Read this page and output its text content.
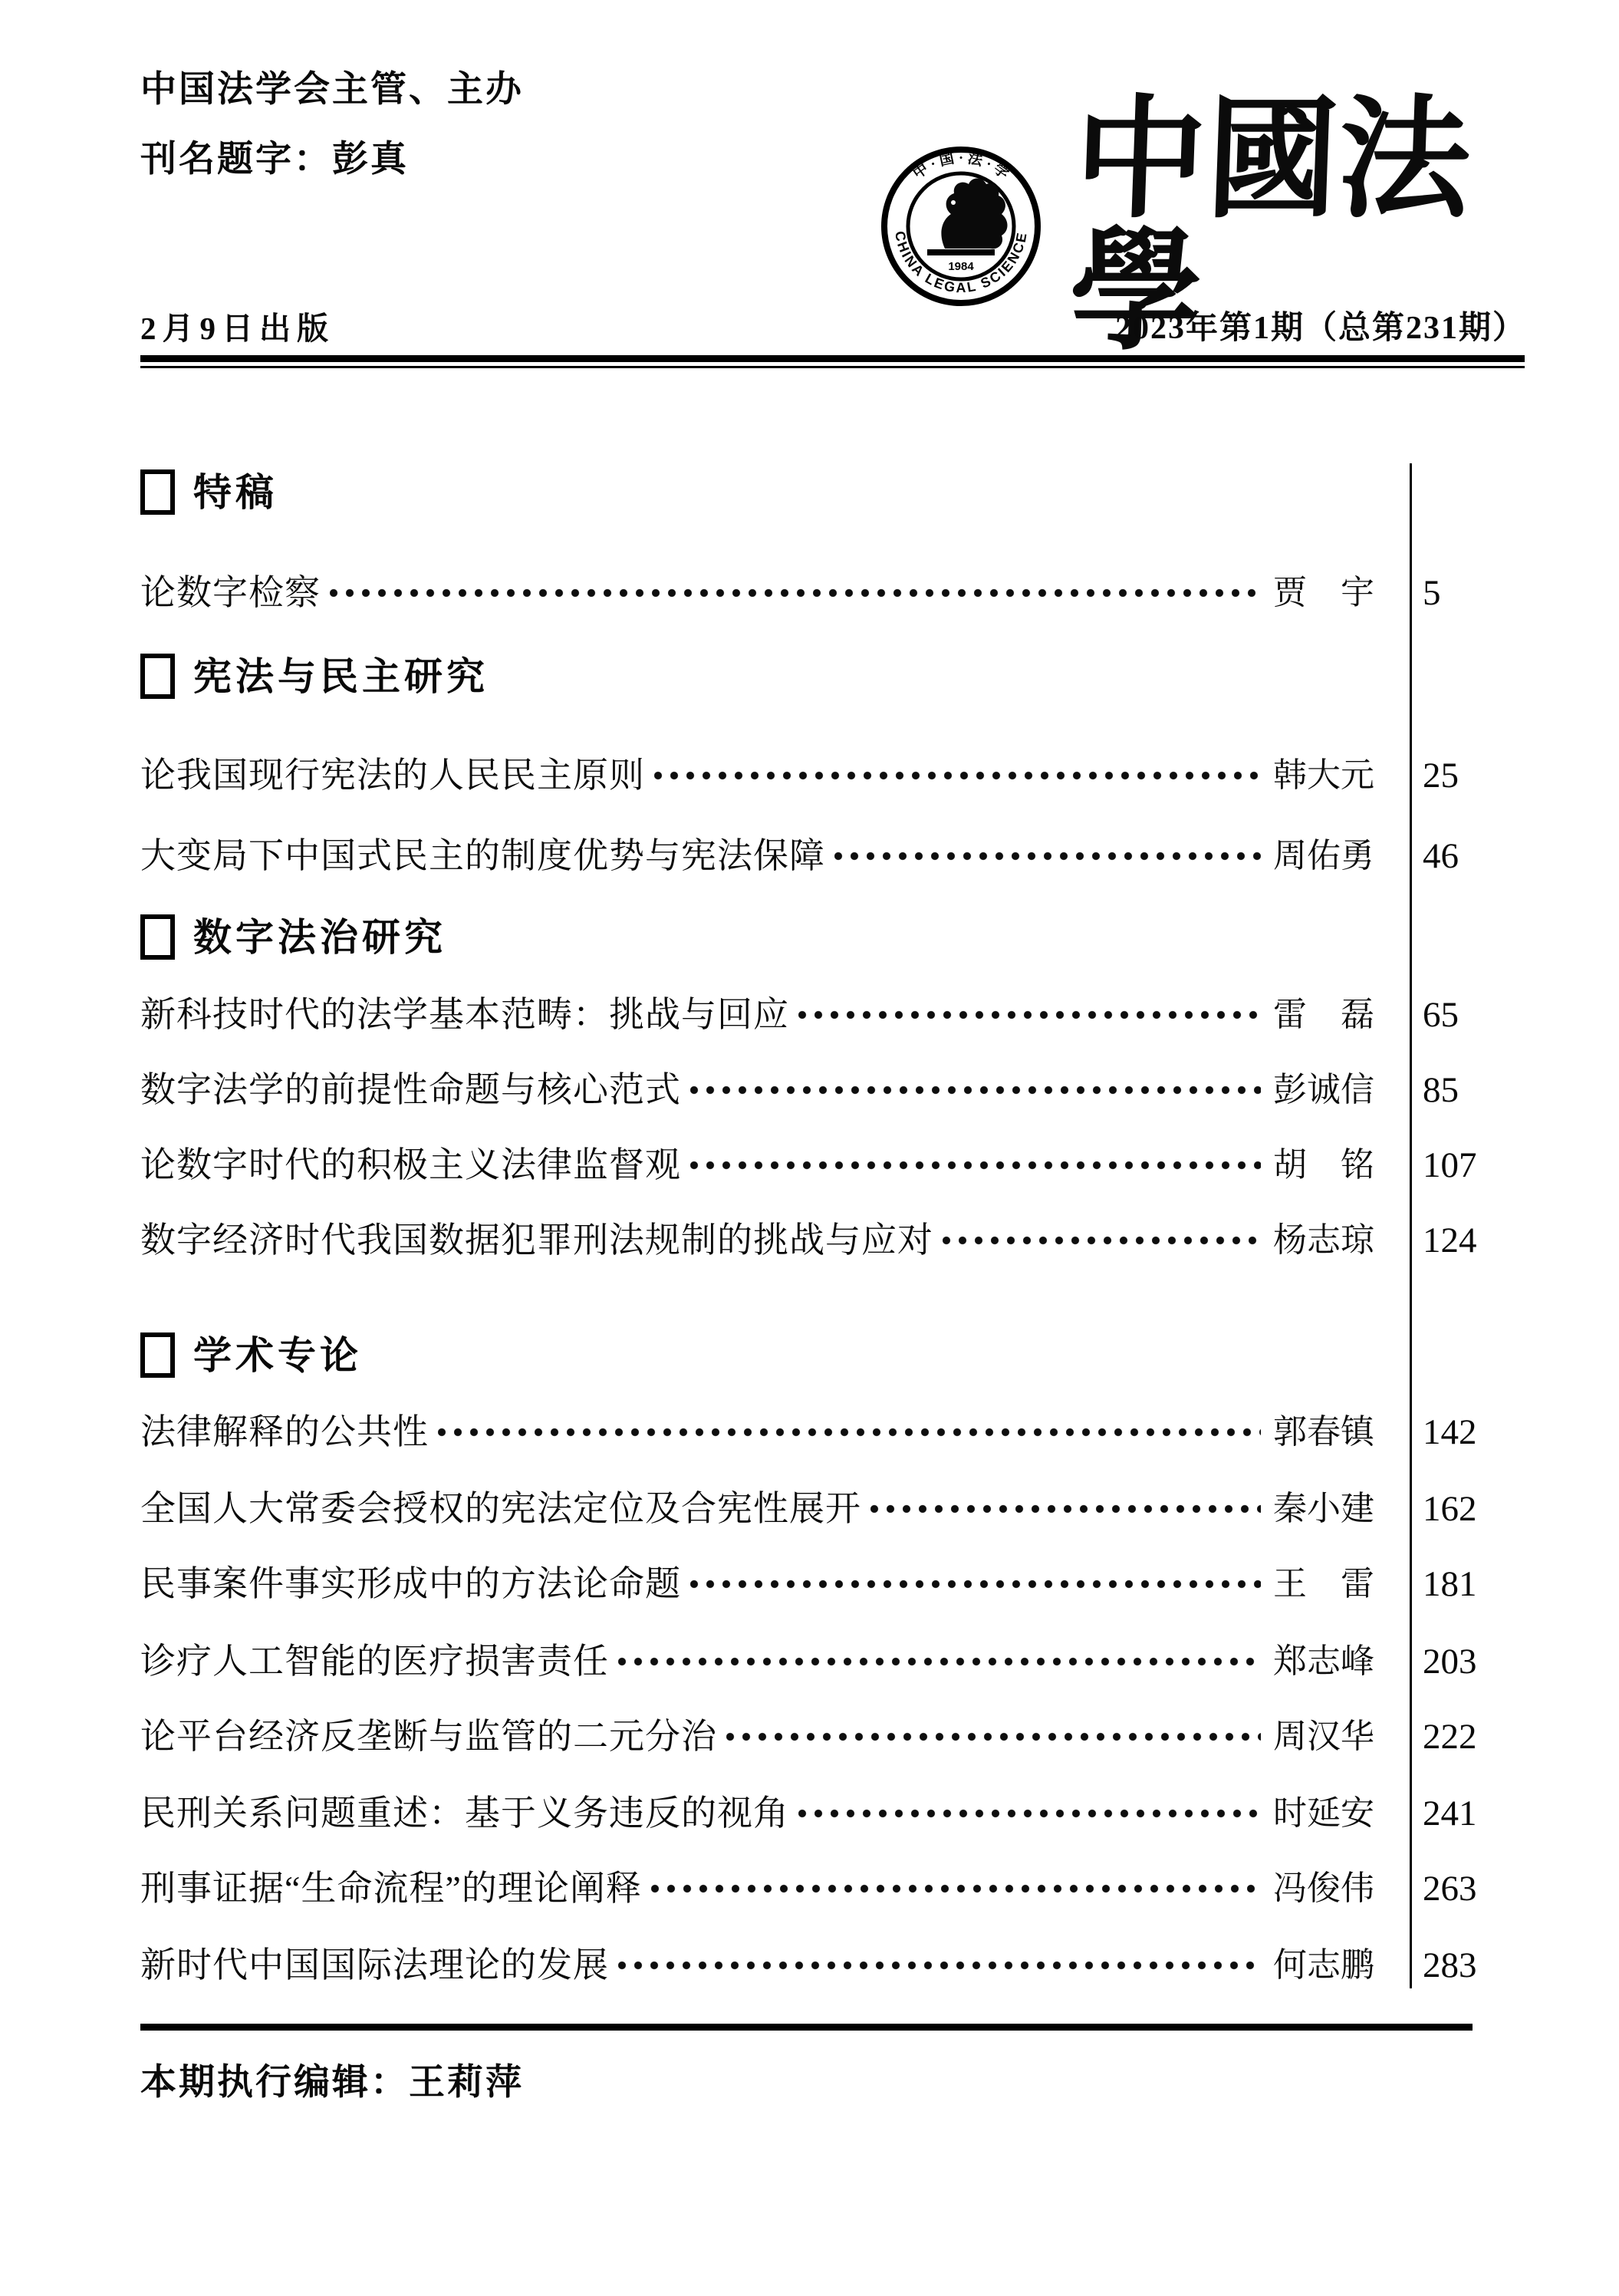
中国法学会主管、主办
刊名题字：彭真
2月9日出版
中 · 国 · 法 · 学
CHINA LEGAL SCIENCE
1984
中國法學
2023年第1期（总第231期）
特稿
论数字检察	贾　宇 5
宪法与民主研究
论我国现行宪法的人民民主原则	韩大元 25
大变局下中国式民主的制度优势与宪法保障	周佑勇 46
数字法治研究
新科技时代的法学基本范畴：挑战与回应	雷　磊 65
数字法学的前提性命题与核心范式	彭诚信 85
论数字时代的积极主义法律监督观	胡　铭 107
数字经济时代我国数据犯罪刑法规制的挑战与应对	杨志琼 124
学术专论
法律解释的公共性	郭春镇 142
全国人大常委会授权的宪法定位及合宪性展开	秦小建 162
民事案件事实形成中的方法论命题	王　雷 181
诊疗人工智能的医疗损害责任	郑志峰 203
论平台经济反垄断与监管的二元分治	周汉华 222
民刑关系问题重述：基于义务违反的视角	时延安 241
刑事证据“生命流程”的理论阐释	冯俊伟 263
新时代中国国际法理论的发展	何志鹏 283
本期执行编辑：王莉萍
